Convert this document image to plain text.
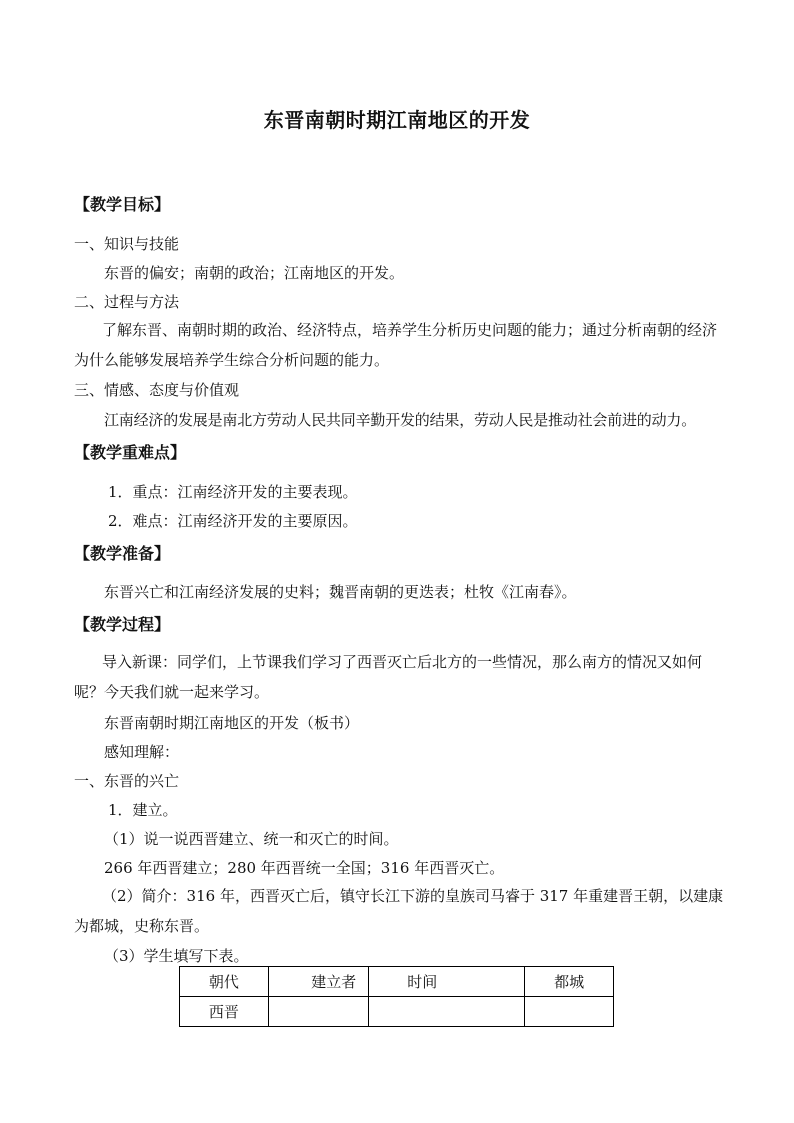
东晋南朝时期江南地区的开发
【教学目标】
一、知识与技能
东晋的偏安；南朝的政治；江南地区的开发。
二、过程与方法
了解东晋、南朝时期的政治、经济特点，培养学生分析历史问题的能力；通过分析南朝的经济为什么能够发展培养学生综合分析问题的能力。
三、情感、态度与价值观
江南经济的发展是南北方劳动人民共同辛勤开发的结果，劳动人民是推动社会前进的动力。
【教学重难点】
1．重点：江南经济开发的主要表现。
2．难点：江南经济开发的主要原因。
【教学准备】
东晋兴亡和江南经济发展的史料；魏晋南朝的更迭表；杜牧《江南春》。
【教学过程】
导入新课：同学们，上节课我们学习了西晋灭亡后北方的一些情况，那么南方的情况又如何呢？今天我们就一起来学习。
东晋南朝时期江南地区的开发（板书）
感知理解：
一、东晋的兴亡
1．建立。
（1）说一说西晋建立、统一和灭亡的时间。
266 年西晋建立；280 年西晋统一全国；316 年西晋灭亡。
（2）简介：316 年，西晋灭亡后，镇守长江下游的皇族司马睿于 317 年重建晋王朝，以建康为都城，史称东晋。
（3）学生填写下表。
朝代	建立者	时间	都城
西晋			
